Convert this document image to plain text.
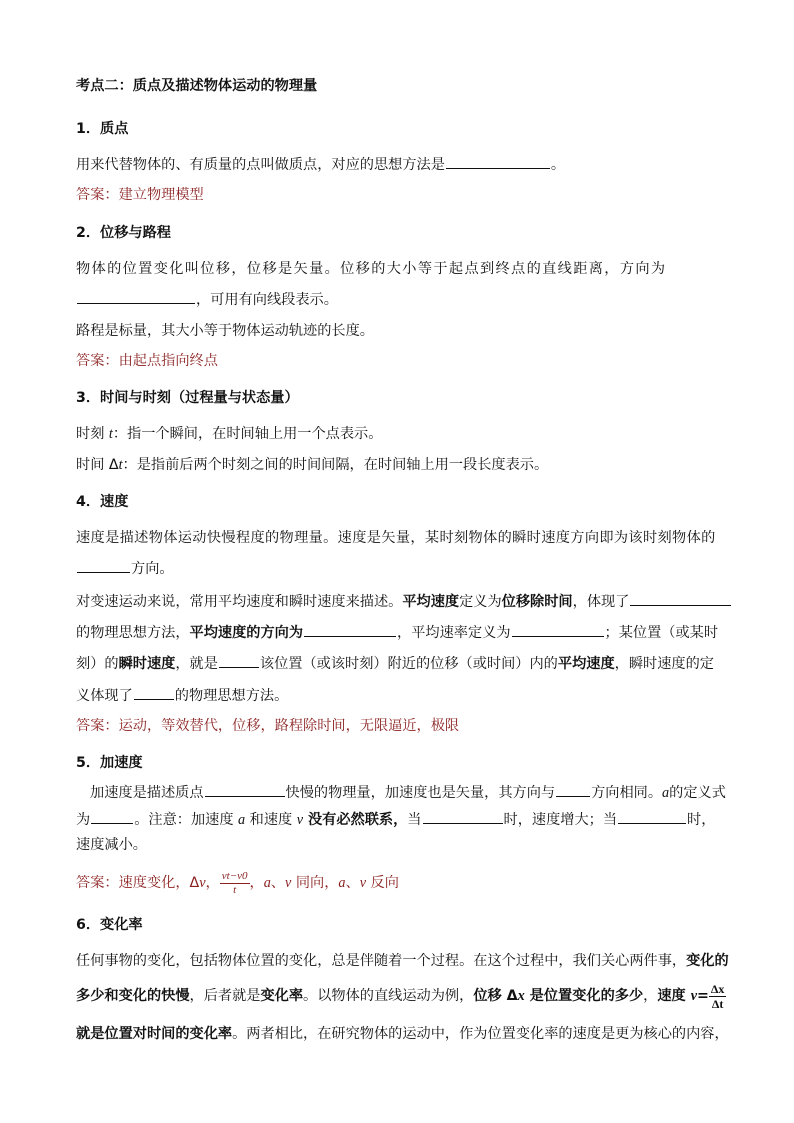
考点二：质点及描述物体运动的物理量
1．质点
用来代替物体的、有质量的点叫做质点，对应的思想方法是	。
答案：建立物理模型
2．位移与路程
物体的位置变化叫位移，位移是矢量。位移的大小等于起点到终点的直线距离，方向为
，可用有向线段表示。
路程是标量，其大小等于物体运动轨迹的长度。
答案：由起点指向终点
3．时间与时刻（过程量与状态量）
时刻 t：指一个瞬间，在时间轴上用一个点表示。
时间 Δt：是指前后两个时刻之间的时间间隔，在时间轴上用一段长度表示。
4．速度
速度是描述物体运动快慢程度的物理量。速度是矢量，某时刻物体的瞬时速度方向即为该时刻物体的
方向。
对变速运动来说，常用平均速度和瞬时速度来描述。平均速度定义为位移除时间，体现了
的物理思想方法，平均速度的方向为	，平均速率定义为	；某位置（或某时
刻）的瞬时速度，就是	该位置（或该时刻）附近的位移（或时间）内的平均速度，瞬时速度的定
义体现了	的物理思想方法。
答案：运动，等效替代，位移，路程除时间，无限逼近，极限
5．加速度
加速度是描述质点	快慢的物理量，加速度也是矢量，其方向与	方向相同。a的定义式
为	。注意：加速度 a 和速度 v 没有必然联系，当	时，速度增大；当	时，
速度减小。
答案：速度变化，Δv， $\frac{vt-v0}{t}$ ，a、v 同向，a、v 反向
6．变化率
任何事物的变化，包括物体位置的变化，总是伴随着一个过程。在这个过程中，我们关心两件事，变化的
多少和变化的快慢，后者就是变化率。以物体的直线运动为例，位移 Δx 是位置变化的多少，速度 $v= \frac{\Delta x}{\Delta t}$
就是位置对时间的变化率。两者相比，在研究物体的运动中，作为位置变化率的速度是更为核心的内容，
